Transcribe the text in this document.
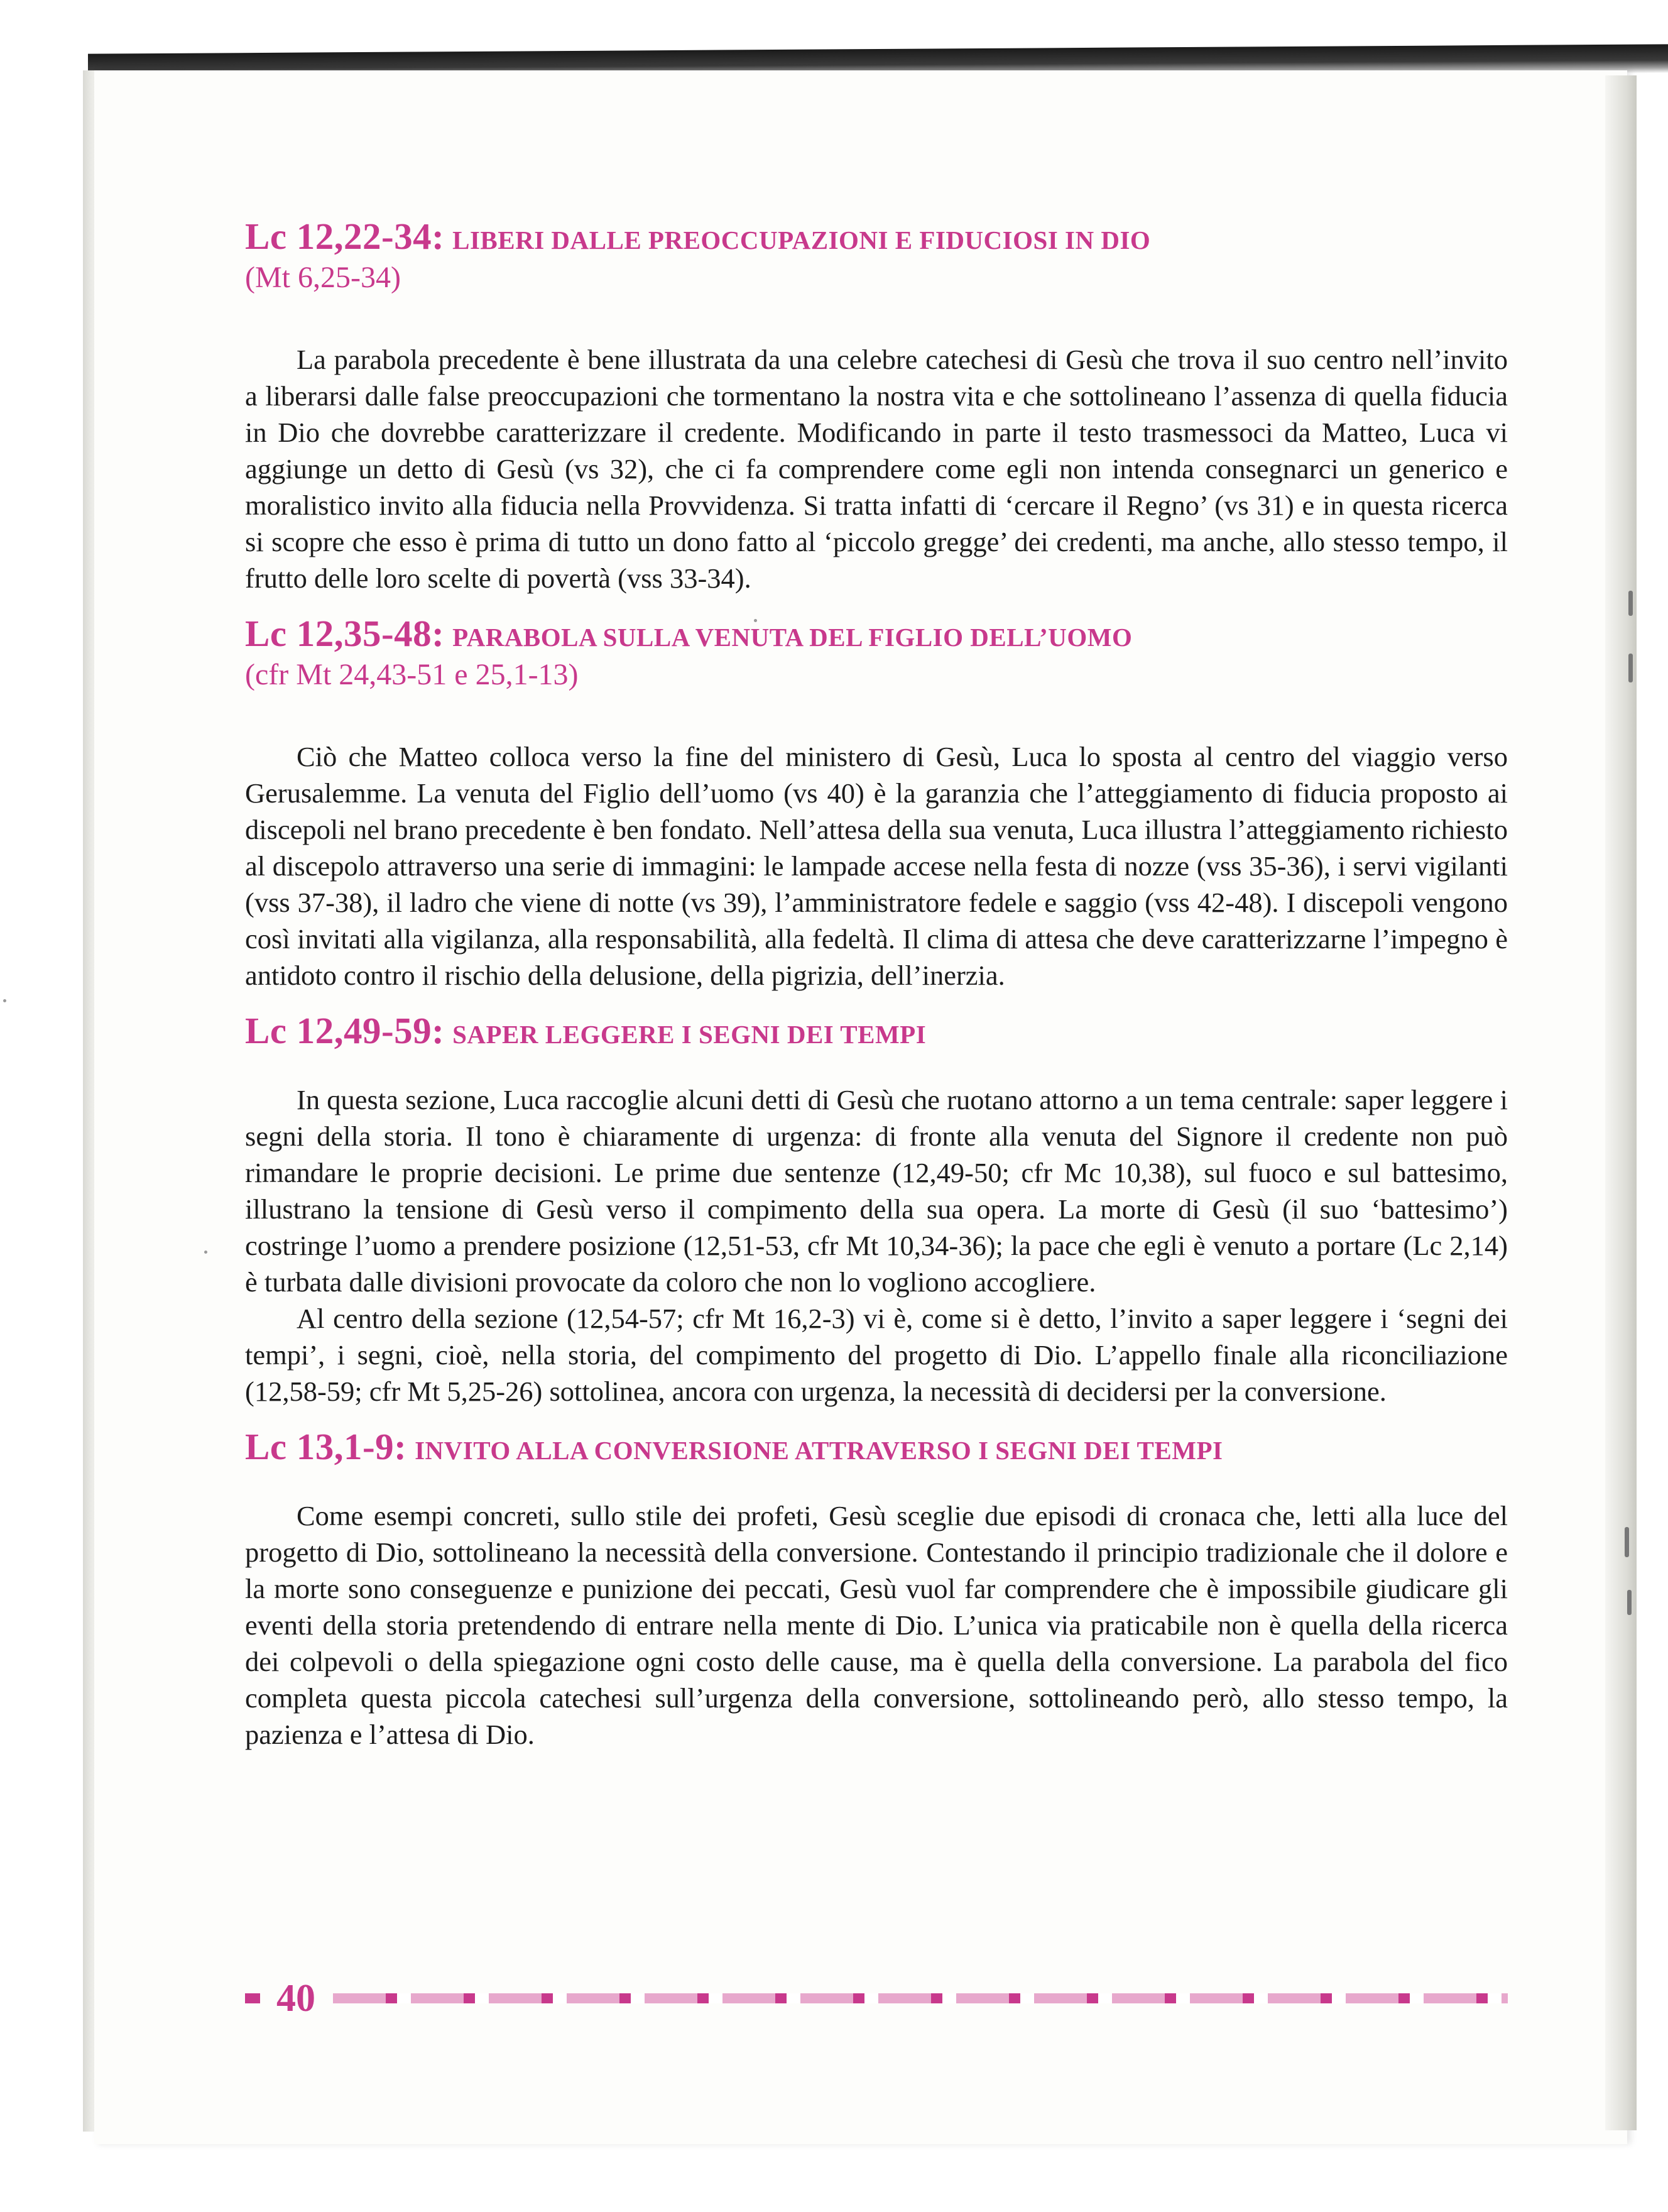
Lc 12,22-34: LIBERI DALLE PREOCCUPAZIONI E FIDUCIOSI IN DIO
(Mt 6,25-34)

La parabola precedente è bene illustrata da una celebre catechesi di Gesù che trova il suo centro nell’invito a liberarsi dalle false preoccupazioni che tormentano la nostra vita e che sottolineano l’assenza di quella fiducia in Dio che dovrebbe caratterizzare il credente. Modificando in parte il testo trasmessoci da Matteo, Luca vi aggiunge un detto di Gesù (vs 32), che ci fa comprendere come egli non intenda consegnarci un generico e moralistico invito alla fiducia nella Provvidenza. Si tratta infatti di ‘cercare il Regno’ (vs 31) e in questa ricerca si scopre che esso è prima di tutto un dono fatto al ‘piccolo gregge’ dei credenti, ma anche, allo stesso tempo, il frutto delle loro scelte di povertà (vss 33-34).

Lc 12,35-48: PARABOLA SULLA VENUTA DEL FIGLIO DELL’UOMO
(cfr Mt 24,43-51 e 25,1-13)

Ciò che Matteo colloca verso la fine del ministero di Gesù, Luca lo sposta al centro del viaggio verso Gerusalemme. La venuta del Figlio dell’uomo (vs 40) è la garanzia che l’atteggiamento di fiducia proposto ai discepoli nel brano precedente è ben fondato. Nell’attesa della sua venuta, Luca illustra l’atteggiamento richiesto al discepolo attraverso una serie di immagini: le lampade accese nella festa di nozze (vss 35-36), i servi vigilanti (vss 37-38), il ladro che viene di notte (vs 39), l’amministratore fedele e saggio (vss 42-48). I discepoli vengono così invitati alla vigilanza, alla responsabilità, alla fedeltà. Il clima di attesa che deve caratterizzarne l’impegno è antidoto contro il rischio della delusione, della pigrizia, dell’inerzia.

Lc 12,49-59: SAPER LEGGERE I SEGNI DEI TEMPI

In questa sezione, Luca raccoglie alcuni detti di Gesù che ruotano attorno a un tema centrale: saper leggere i segni della storia. Il tono è chiaramente di urgenza: di fronte alla venuta del Signore il credente non può rimandare le proprie decisioni. Le prime due sentenze (12,49-50; cfr Mc 10,38), sul fuoco e sul battesimo, illustrano la tensione di Gesù verso il compimento della sua opera. La morte di Gesù (il suo ‘battesimo’) costringe l’uomo a prendere posizione (12,51-53, cfr Mt 10,34-36); la pace che egli è venuto a portare (Lc 2,14) è turbata dalle divisioni provocate da coloro che non lo vogliono accogliere.

Al centro della sezione (12,54-57; cfr Mt 16,2-3) vi è, come si è detto, l’invito a saper leggere i ‘segni dei tempi’, i segni, cioè, nella storia, del compimento del progetto di Dio. L’appello finale alla riconciliazione (12,58-59; cfr Mt 5,25-26) sottolinea, ancora con urgenza, la necessità di decidersi per la conversione.

Lc 13,1-9: INVITO ALLA CONVERSIONE ATTRAVERSO I SEGNI DEI TEMPI

Come esempi concreti, sullo stile dei profeti, Gesù sceglie due episodi di cronaca che, letti alla luce del progetto di Dio, sottolineano la necessità della conversione. Contestando il principio tradizionale che il dolore e la morte sono conseguenze e punizione dei peccati, Gesù vuol far comprendere che è impossibile giudicare gli eventi della storia pretendendo di entrare nella mente di Dio. L’unica via praticabile non è quella della ricerca dei colpevoli o della spiegazione ogni costo delle cause, ma è quella della conversione. La parabola del fico completa questa piccola catechesi sull’urgenza della conversione, sottolineando però, allo stesso tempo, la pazienza e l’attesa di Dio.

40
